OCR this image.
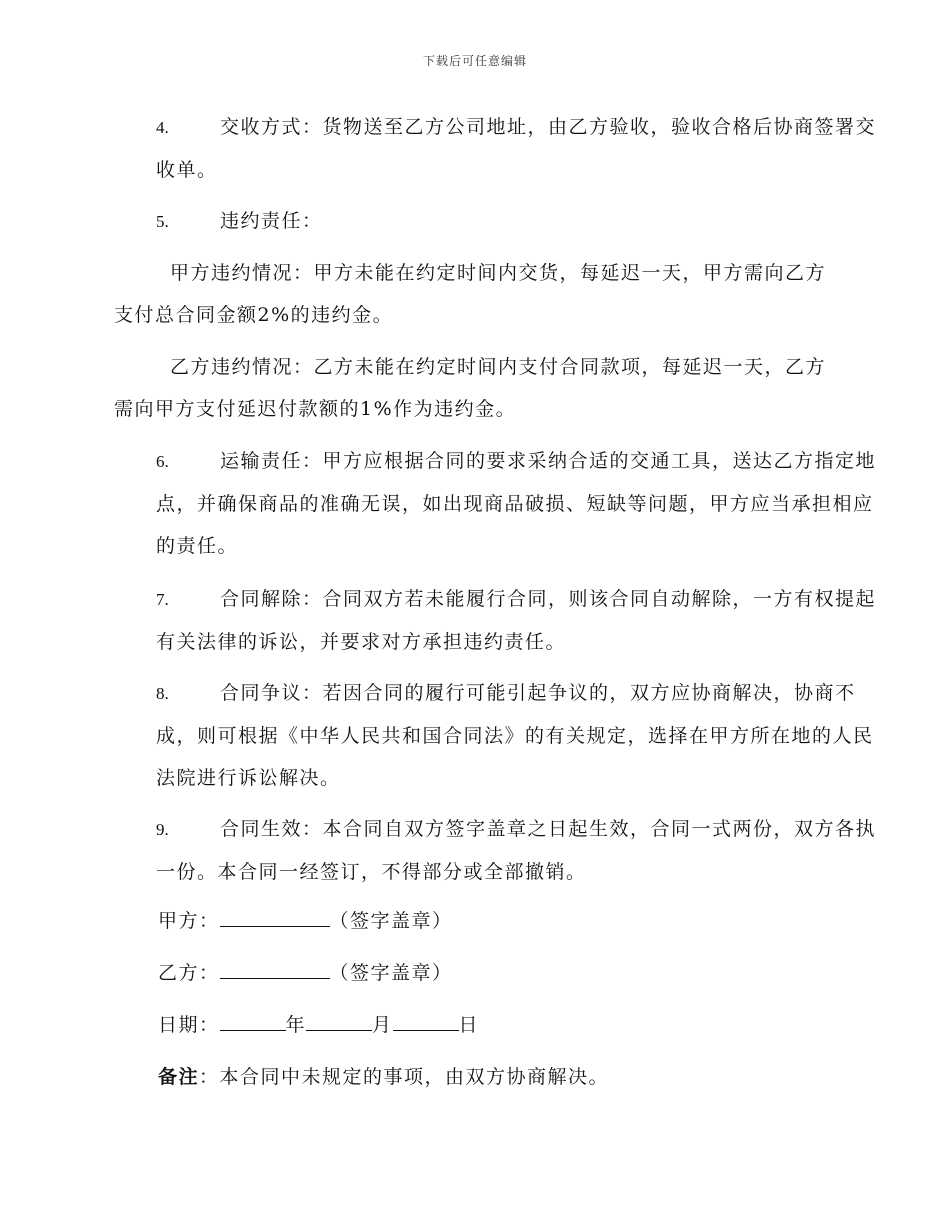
下载后可任意编辑

4.	交收方式：货物送至乙方公司地址，由乙方验收，验收合格后协商签署交收单。

5.	违约责任：

甲方违约情况：甲方未能在约定时间内交货，每延迟一天，甲方需向乙方支付总合同金额2%的违约金。

乙方违约情况：乙方未能在约定时间内支付合同款项，每延迟一天，乙方需向甲方支付延迟付款额的1%作为违约金。

6.	运输责任：甲方应根据合同的要求采纳合适的交通工具，送达乙方指定地点，并确保商品的准确无误，如出现商品破损、短缺等问题，甲方应当承担相应的责任。

7.	合同解除：合同双方若未能履行合同，则该合同自动解除，一方有权提起有关法律的诉讼，并要求对方承担违约责任。

8.	合同争议：若因合同的履行可能引起争议的，双方应协商解决，协商不成，则可根据《中华人民共和国合同法》的有关规定，选择在甲方所在地的人民法院进行诉讼解决。

9.	合同生效：本合同自双方签字盖章之日起生效，合同一式两份，双方各执一份。本合同一经签订，不得部分或全部撤销。

甲方：	（签字盖章）

乙方：	（签字盖章）

日期：	年	月	日

备注：本合同中未规定的事项，由双方协商解决。
